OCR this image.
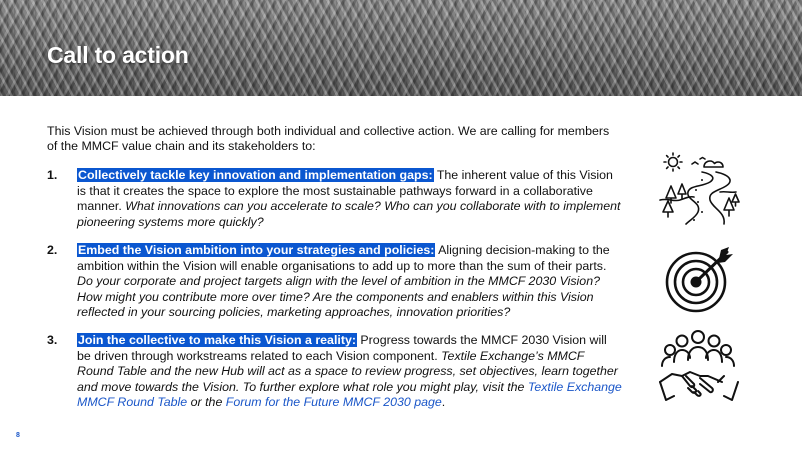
Call to action
This Vision must be achieved through both individual and collective action. We are calling for members of the MMCF value chain and its stakeholders to:
1.	Collectively tackle key innovation and implementation gaps: The inherent value of this Vision is that it creates the space to explore the most sustainable pathways forward in a collaborative manner. What innovations can you accelerate to scale? Who can you collaborate with to implement pioneering systems more quickly?
2.	Embed the Vision ambition into your strategies and policies: Aligning decision-making to the ambition within the Vision will enable organisations to add up to more than the sum of their parts. Do your corporate and project targets align with the level of ambition in the MMCF 2030 Vision? How might you contribute more over time? Are the components and enablers within this Vision reflected in your sourcing policies, marketing approaches, innovation priorities?
3.	Join the collective to make this Vision a reality: Progress towards the MMCF 2030 Vision will be driven through workstreams related to each Vision component. Textile Exchange’s MMCF Round Table and the new Hub will act as a space to review progress, set objectives, learn together and move towards the Vision. To further explore what role you might play, visit the Textile Exchange MMCF Round Table or the Forum for the Future MMCF 2030 page.
8
